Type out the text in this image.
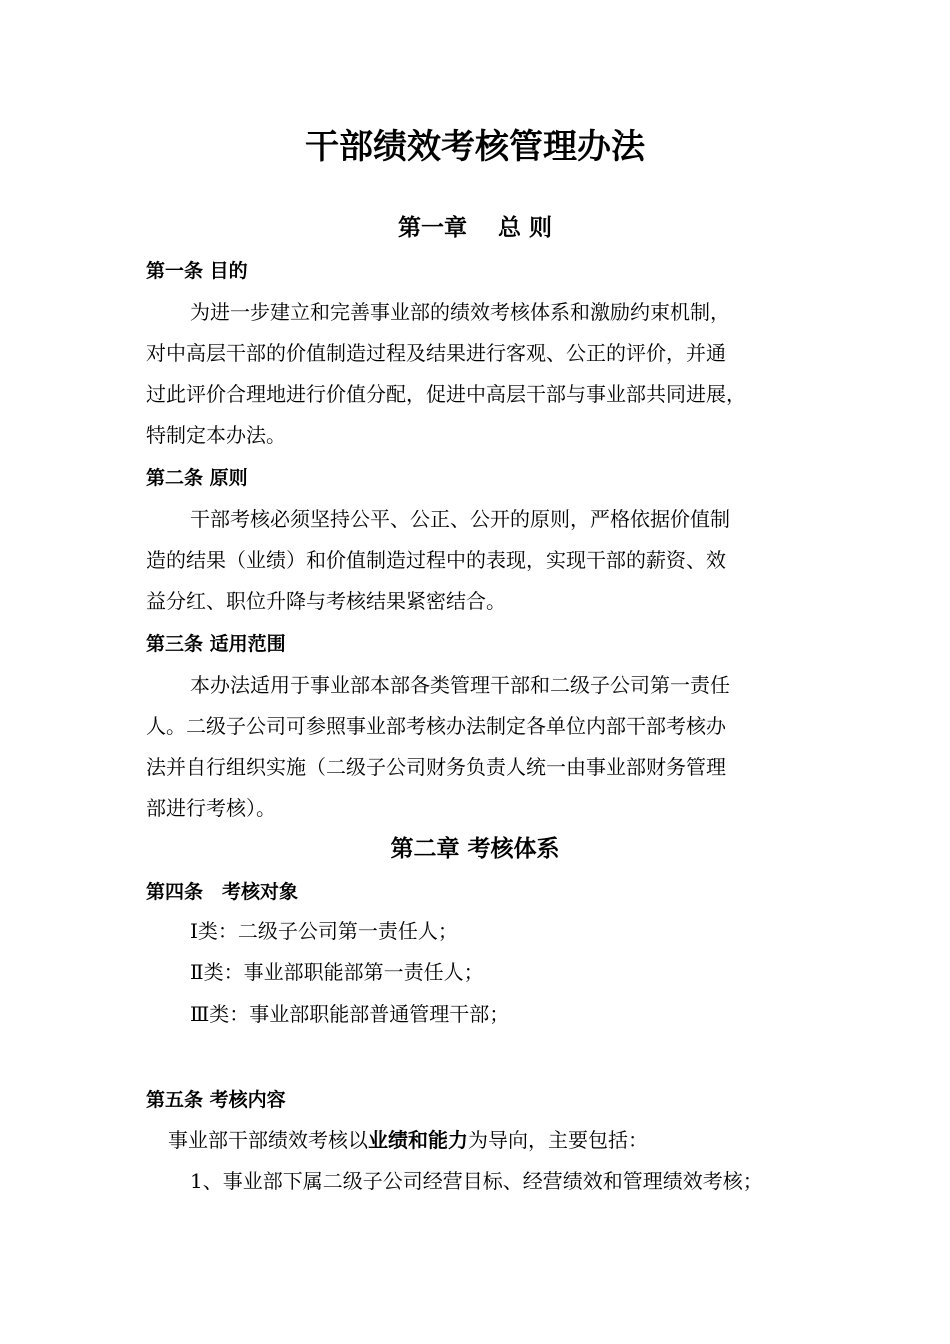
干部绩效考核管理办法
第一章　 总 则
第一条 目的
为进一步建立和完善事业部的绩效考核体系和激励约束机制，
对中高层干部的价值制造过程及结果进行客观、公正的评价，并通
过此评价合理地进行价值分配，促进中高层干部与事业部共同进展，
特制定本办法。
第二条 原则
干部考核必须坚持公平、公正、公开的原则，严格依据价值制
造的结果（业绩）和价值制造过程中的表现，实现干部的薪资、效
益分红、职位升降与考核结果紧密结合。
第三条 适用范围
本办法适用于事业部本部各类管理干部和二级子公司第一责任
人。二级子公司可参照事业部考核办法制定各单位内部干部考核办
法并自行组织实施（二级子公司财务负责人统一由事业部财务管理
部进行考核）。
第二章 考核体系
第四条　考核对象
Ⅰ类：二级子公司第一责任人；
Ⅱ类：事业部职能部第一责任人；
Ⅲ类：事业部职能部普通管理干部；
第五条 考核内容
事业部干部绩效考核以业绩和能力为导向，主要包括：
1、事业部下属二级子公司经营目标、经营绩效和管理绩效考核；
